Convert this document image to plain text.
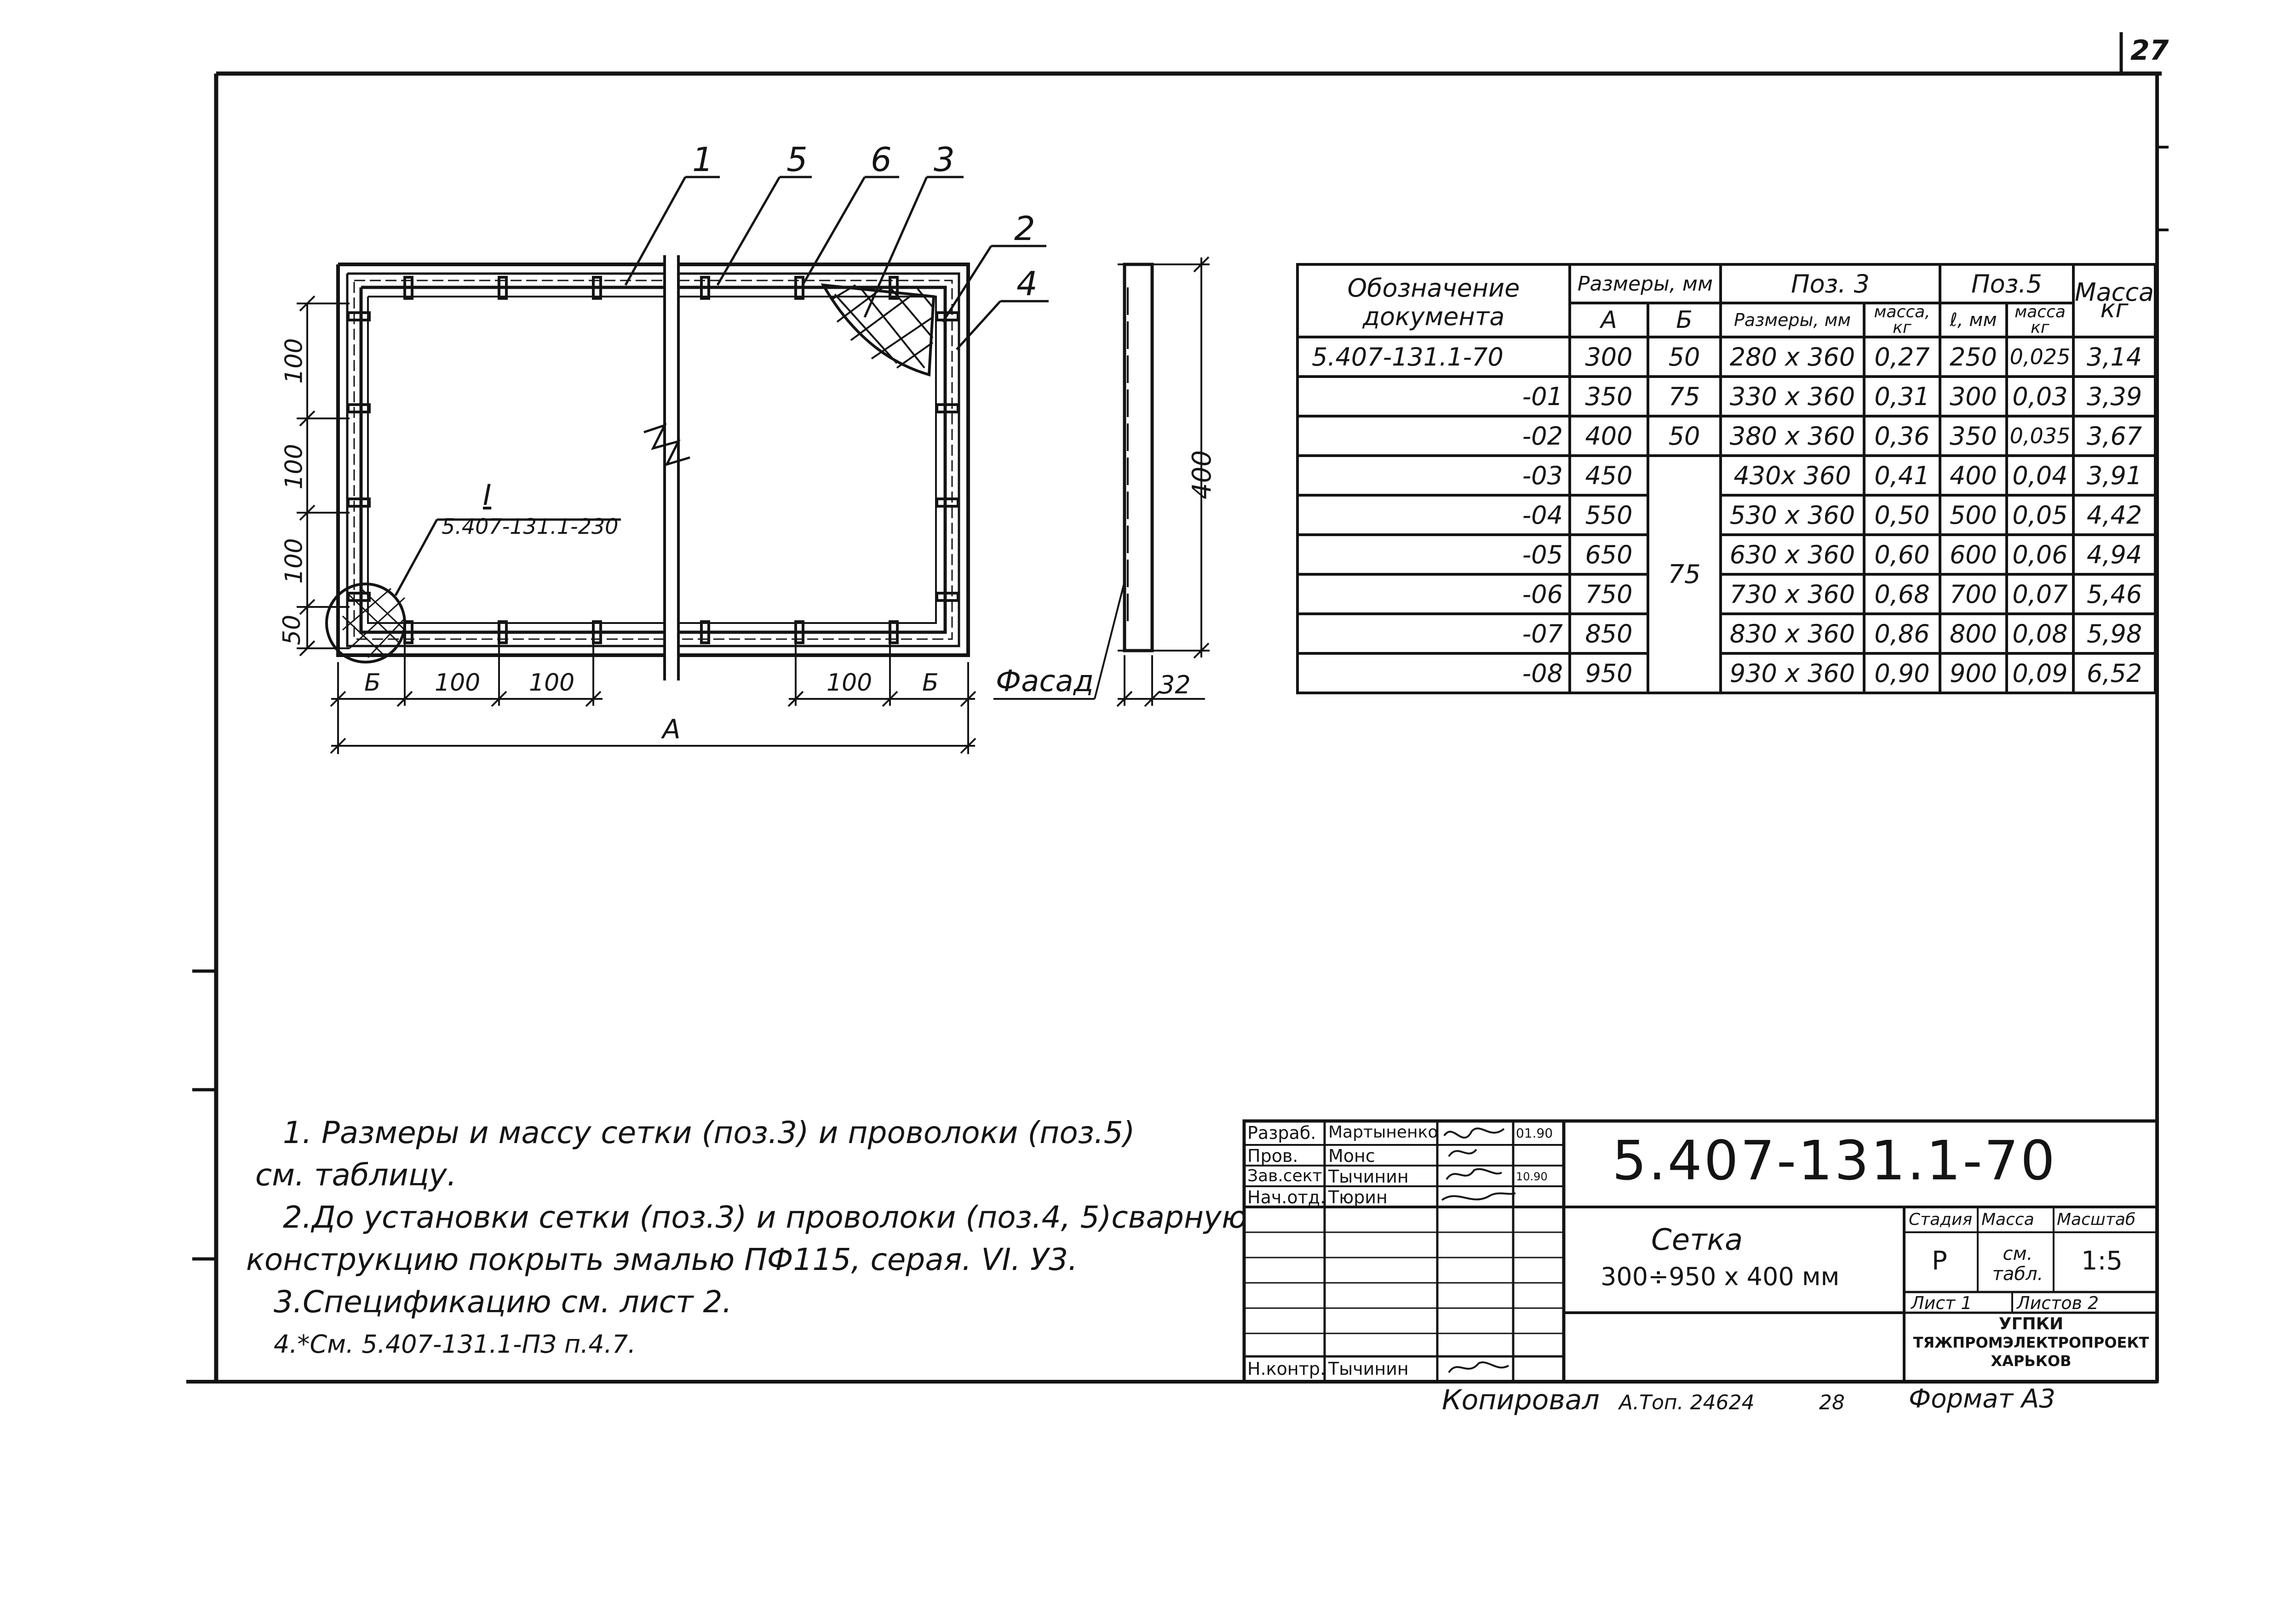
27
1 5 6 3
2
4
100
100
100
50
Б 100 100	100 Б
А
400
32
Фасад
I
5.407-131.1-230
Обозначение документа	Размеры, мм		Поз. 3		Поз.5		Масса кг
	А	Б	Размеры, мм	масса, кг	ℓ, мм	масса кг	
5.407-131.1-70	300	50	280 x 360	0,27	250	0,025	3,14
-01	350	75	330 x 360	0,31	300	0,03	3,39
-02	400	50	380 x 360	0,36	350	0,035	3,67
-03	450	75	430x 360	0,41	400	0,04	3,91
-04	550		530 x 360	0,50	500	0,05	4,42
-05	650		630 x 360	0,60	600	0,06	4,94
-06	750		730 x 360	0,68	700	0,07	5,46
-07	850		830 x 360	0,86	800	0,08	5,98
-08	950		930 x 360	0,90	900	0,09	6,52
1. Размеры и массу сетки (поз.3) и проволоки (поз.5)
см. таблицу.
2.До установки сетки (поз.3) и проволоки (поз.4, 5)сварную
конструкцию покрыть эмалью ПФ115, серая. VI. У3.
3.Спецификацию см. лист 2.
4.*См. 5.407-131.1-ПЗ п.4.7.
Разраб. Мартыненко	01.90
Пров. Монс
Зав.сект. Тычинин	10.90
Нач.отд. Тюрин
Н.контр. Тычинин
5.407-131.1-70
Сетка
300÷950 x 400 мм
Стадия Масса Масштаб
Р	см. табл. 1:5
Лист 1	Листов 2
УГПКИ
ТЯЖПРОМЭЛЕКТРОПРОЕКТ
ХАРЬКОВ
Копировал А.Топ. 24624	28 Формат А3
